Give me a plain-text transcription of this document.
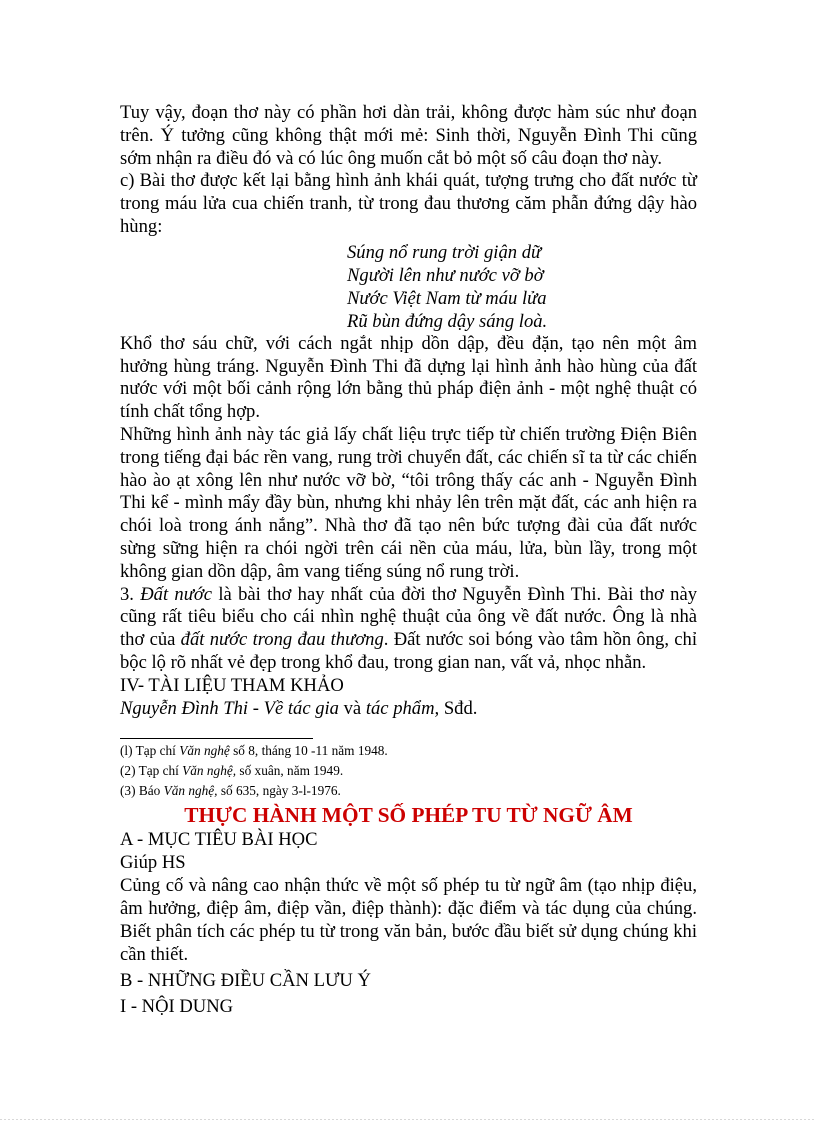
Tuy vậy, đoạn thơ này có phần hơi dàn trải, không được hàm súc như đoạn trên. Ý tưởng cũng không thật mới mẻ: Sinh thời, Nguyễn Đình Thi cũng sớm nhận ra điều đó và có lúc ông muốn cắt bỏ một số câu đoạn thơ này.

c) Bài thơ được kết lại bằng hình ảnh khái quát, tượng trưng cho đất nước từ trong máu lửa cua chiến tranh, từ trong đau thương căm phẫn đứng dậy hào hùng:

Súng nổ rung trời giận dữ
Người lên như nước vỡ bờ
Nước Việt Nam từ máu lửa
Rũ bùn đứng dậy sáng loà.

Khổ thơ sáu chữ, với cách ngắt nhịp dồn dập, đều đặn, tạo nên một âm hưởng hùng tráng. Nguyễn Đình Thi đã dựng lại hình ảnh hào hùng của đất nước với một bối cảnh rộng lớn bằng thủ pháp điện ảnh - một nghệ thuật có tính chất tổng hợp.

Những hình ảnh này tác giả lấy chất liệu trực tiếp từ chiến trường Điện Biên trong tiếng đại bác rền vang, rung trời chuyển đất, các chiến sĩ ta từ các chiến hào ào ạt xông lên như nước vỡ bờ, “tôi trông thấy các anh - Nguyễn Đình Thi kể - mình mẩy đầy bùn, nhưng khi nhảy lên trên mặt đất, các anh hiện ra chói loà trong ánh nắng”. Nhà thơ đã tạo nên bức tượng đài của đất nước sừng sững hiện ra chói ngời trên cái nền của máu, lửa, bùn lầy, trong một không gian dồn dập, âm vang tiếng súng nổ rung trời.

3. Đất nước là bài thơ hay nhất của đời thơ Nguyễn Đình Thi. Bài thơ này cũng rất tiêu biểu cho cái nhìn nghệ thuật của ông về đất nước. Ông là nhà thơ của đất nước trong đau thương. Đất nước soi bóng vào tâm hồn ông, chỉ bộc lộ rõ nhất vẻ đẹp trong khổ đau, trong gian nan, vất vả, nhọc nhằn.

IV- TÀI LIỆU THAM KHẢO

Nguyễn Đình Thi - Về tác gia và tác phẩm, Sđd.

(l) Tạp chí Văn nghệ số 8, tháng 10 -11 năm 1948.
(2) Tạp chí Văn nghệ, số xuân, năm 1949.
(3) Báo Văn nghệ, số 635, ngày 3-l-1976.
THỰC HÀNH MỘT SỐ PHÉP TU TỪ NGỮ ÂM

A - MỤC TIÊU BÀI HỌC

Giúp HS

Củng cố và nâng cao nhận thức về một số phép tu từ ngữ âm (tạo nhịp điệu, âm hưởng, điệp âm, điệp vần, điệp thành): đặc điểm và tác dụng của chúng. Biết phân tích các phép tu từ trong văn bản, bước đầu biết sử dụng chúng khi cần thiết.

B - NHỮNG ĐIỀU CẦN LƯU Ý

I - NỘI DUNG
